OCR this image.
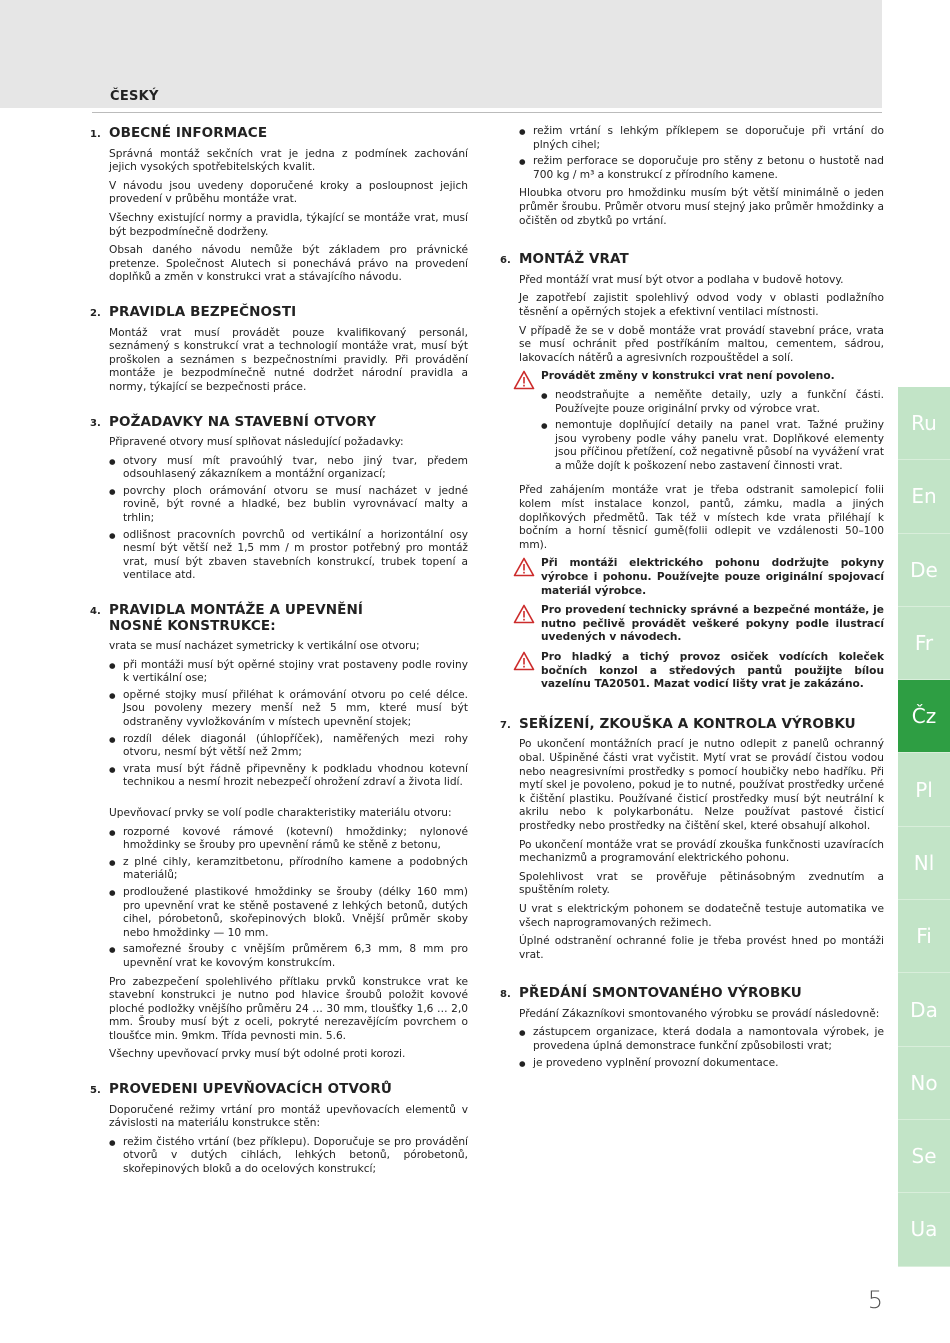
ČESKÝ
1. OBECNÉ INFORMACE

Správná montáž sekčních vrat je jedna z podmínek zachování jejich vysokých spotřebitelských kvalit.

V návodu jsou uvedeny doporučené kroky a posloupnost jejich provedení v průběhu montáže vrat.

Všechny existující normy a pravidla, týkající se montáže vrat, musí být bezpodmínečně dodrženy.

Obsah daného návodu nemůže být základem pro právnické pretenze. Společnost Alutech si ponechává právo na provedení doplňků a změn v konstrukci vrat a stávajícího návodu.

2. PRAVIDLA BEZPEČNOSTI

Montáž vrat musí provádět pouze kvalifikovaný personál, seznámený s konstrukcí vrat a technologií montáže vrat, musí být proškolen a seznámen s bezpečnostními pravidly. Při provádění montáže je bezpodmínečně nutné dodržet národní pravidla a normy, týkající se bezpečnosti práce.

3. POŽADAVKY NA STAVEBNÍ OTVORY

Připravené otvory musí splňovat následující požadavky:

● otvory musí mít pravoúhlý tvar, nebo jiný tvar, předem odsouhlasený zákazníkem a montážní organizací;
● povrchy ploch orámování otvoru se musí nacházet v jedné rovině, být rovné a hladké, bez bublin vyrovnávací malty a trhlin;
● odlišnost pracovních povrchů od vertikální a horizontální osy nesmí být větší než 1,5 mm / m prostor potřebný pro montáž vrat, musí být zbaven stavebních konstrukcí, trubek topení a ventilace atd.
4. PRAVIDLA MONTÁŽE A UPEVNĚNÍ
NOSNÉ KONSTRUKCE:

vrata se musí nacházet symetricky k vertikální ose otvoru;

● při montáži musí být opěrné stojiny vrat postaveny podle roviny k vertikální ose;
● opěrné stojky musí přiléhat k orámování otvoru po celé délce. Jsou povoleny mezery menší než 5 mm, které musí být odstraněny vyvložkováním v místech upevnění stojek;
● rozdíl délek diagonál (úhlopříček), naměřených mezi rohy otvoru, nesmí být větší než 2mm;
● vrata musí být řádně připevněny k podkladu vhodnou kotevní technikou a nesmí hrozit nebezpečí ohrožení zdraví a života lidí.

Upevňovací prvky se volí podle charakteristiky materiálu otvoru:

● rozporné kovové rámové (kotevní) hmoždinky; nylonové hmoždinky se šrouby pro upevnění rámů ke stěně z betonu,
● z plné cihly, keramzitbetonu, přírodního kamene a podobných materiálů;
● prodloužené plastikové hmoždinky se šrouby (délky 160 mm) pro upevnění vrat ke stěně postavené z lehkých betonů, dutých cihel, pórobetonů, skořepinových bloků. Vnější průměr skoby nebo hmoždinky — 10 mm.
● samořezné šrouby c vnějším průměrem 6,3 mm, 8 mm pro upevnění vrat ke kovovým konstrukcím.

Pro zabezpečení spolehlivého přítlaku prvků konstrukce vrat ke stavební konstrukci je nutno pod hlavice šroubů položit kovové ploché podložky vnějšího průměru 24 … 30 mm, tloušťky 1,6 … 2,0 mm. Šrouby musí být z oceli, pokryté nerezavějícím povrchem o tloušťce min. 9mkm. Třída pevnosti min. 5.6.

Všechny upevňovací prvky musí být odolné proti korozi.

5. PROVEDENI UPEVŇOVACÍCH OTVORŮ

Doporučené režimy vrtání pro montáž upevňovacích elementů v závislosti na materiálu konstrukce stěn:

● režim čistého vrtání (bez příklepu). Doporučuje se pro provádění otvorů v dutých cihlách, lehkých betonů, pórobetonů, skořepinových bloků a do ocelových konstrukcí;
● režim vrtání s lehkým příklepem se doporučuje při vrtání do plných cihel;
● režim perforace se doporučuje pro stěny z betonu o hustotě nad 700 kg / m³ a konstrukcí z přírodního kamene.

Hloubka otvoru pro hmoždinku musím být větší minimálně o jeden průměr šroubu. Průměr otvoru musí stejný jako průměr hmoždinky a očištěn od zbytků po vrtání.

6. MONTÁŽ VRAT

Před montáží vrat musí být otvor a podlaha v budově hotovy.

Je zapotřebí zajistit spolehlivý odvod vody v oblasti podlažního těsnění a opěrných stojek a efektivní ventilaci místnosti.

V případě že se v době montáže vrat provádí stavební práce, vrata se musí ochránit před postříkáním maltou, cementem, sádrou, lakovacích nátěrů a agresivních rozpouštědel a solí.

Provádět změny v konstrukci vrat není povoleno.

● neodstraňujte a neměňte detaily, uzly a funkční části. Používejte pouze originální prvky od výrobce vrat.
● nemontuje doplňující detaily na panel vrat. Tažné pružiny jsou vyrobeny podle váhy panelu vrat. Doplňkové elementy jsou příčinou přetížení, což negativně působí na vyvážení vrat a může dojít k poškození nebo zastavení činnosti vrat.

Před zahájením montáže vrat je třeba odstranit samolepicí folii kolem míst instalace konzol, pantů, zámku, madla a jiných doplňkových předmětů. Tak též v místech kde vrata přiléhají k bočním a horní těsnicí gumě(folii odlepit ve vzdálenosti 50–100 mm).

Při montáži elektrického pohonu dodržujte pokyny výrobce i pohonu. Používejte pouze originální spojovací materiál výrobce.

Pro provedení technicky správné a bezpečné montáže, je nutno pečlivě provádět veškeré pokyny podle ilustrací uvedených v návodech.

Pro hladký a tichý provoz osiček vodících koleček bočních konzol a středových pantů použijte bílou vazelínu TA20501. Mazat vodicí lišty vrat je zakázáno.

7. SEŘÍZENÍ, ZKOUŠKA A KONTROLA VÝROBKU

Po ukončení montážních prací je nutno odlepit z panelů ochranný obal. Ušpiněné části vrat vyčistit. Mytí vrat se provádí čistou vodou nebo neagresivními prostředky s pomocí houbičky nebo hadříku. Při mytí skel je povoleno, pokud je to nutné, používat prostředky určené k čištění plastiku. Používané čisticí prostředky musí být neutrální k akrilu nebo k polykarbonátu. Nelze používat pastové čisticí prostředky nebo prostředky na čištění skel, které obsahují alkohol.

Po ukončení montáže vrat se provádí zkouška funkčnosti uzavíracích mechanizmů a programování elektrického pohonu.

Spolehlivost vrat se prověřuje pětinásobným zvednutím a spuštěním rolety.

U vrat s elektrickým pohonem se dodatečně testuje automatika ve všech naprogramovaných režimech.

Úplné odstranění ochranné folie je třeba provést hned po montáži vrat.

8. PŘEDÁNÍ SMONTOVANÉHO VÝROBKU

Předání Zákazníkovi smontovaného výrobku se provádí následovně:

● zástupcem organizace, která dodala a namontovala výrobek, je provedena úplná demonstrace funkční způsobilosti vrat;
● je provedeno vyplnění provozní dokumentace.
Ru
En
De
Fr
Čz
Pl
Nl
Fi
Da
No
Se
Ua
5
